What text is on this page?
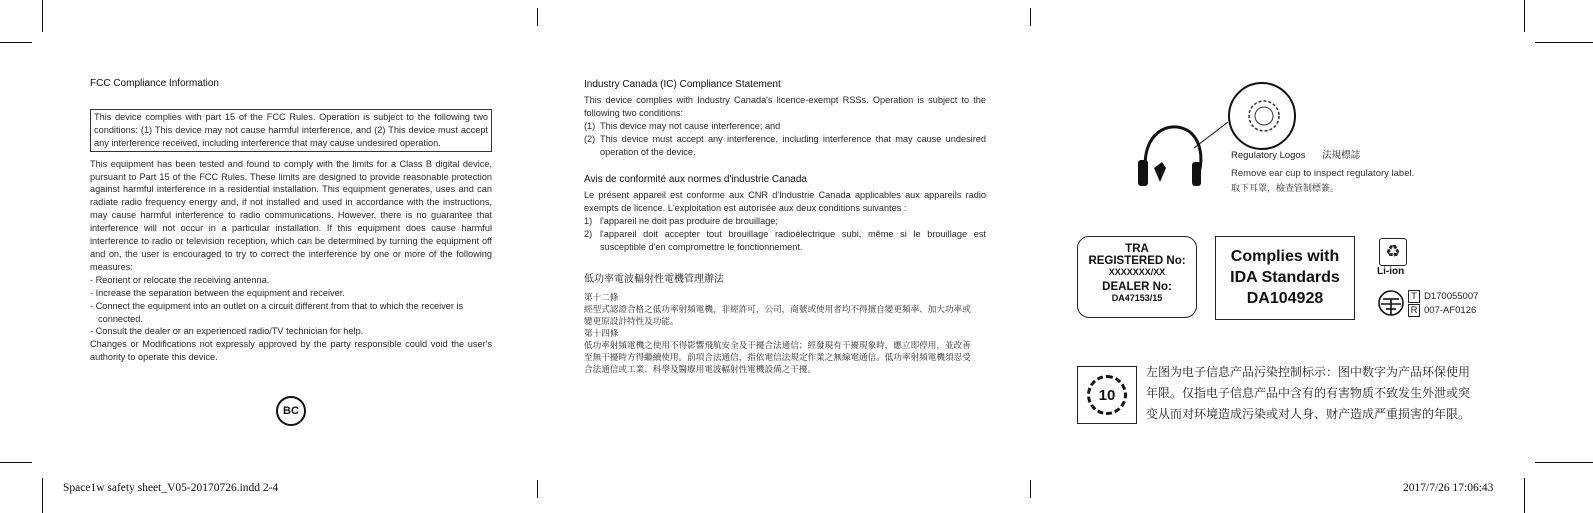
FCC Compliance Information
This device complies with part 15 of the FCC Rules. Operation is subject to the following two conditions: (1) This device may not cause harmful interference, and (2) This device must accept any interference received, including interference that may cause undesired operation.
This equipment has been tested and found to comply with the limits for a Class B digital device, pursuant to Part 15 of the FCC Rules. These limits are designed to provide reasonable protection against harmful interference in a residential installation. This equipment generates, uses and can radiate radio frequency energy and, if not installed and used in accordance with the instructions, may cause harmful interference to radio communications. However, there is no guarantee that interference will not occur in a particular installation. If this equipment does cause harmful interference to radio or television reception, which can be determined by turning the equipment off and on, the user is encouraged to try to correct the interference by one or more of the following measures:

- Reorient or relocate the receiving antenna.

- Increase the separation between the equipment and receiver.

- Connect the equipment into an outlet on a circuit different from that to which the receiver is connected.

- Consult the dealer or an experienced radio/TV technician for help.

Changes or Modifications not expressly approved by the party responsible could void the user's authority to operate this device.
BC
Industry Canada (IC) Compliance Statement
This device complies with Industry Canada's licence-exempt RSSs. Operation is subject to the following two conditions:
(1) This device may not cause interference; and
(2) This device must accept any interference, including interference that may cause undesired operation of the device.
Avis de conformité aux normes d'industrie Canada
Le présent appareil est conforme aux CNR d'Industrie Canada applicables aux appareils radio exempts de licence. L'exploitation est autorisée aux deux conditions suivantes :
1) l'appareil ne doit pas produire de brouillage;
2) l'appareil doit accepter tout brouillage radioélectrique subi, même si le brouillage est susceptible d'en compromettre le fonctionnement.
低功率電波輻射性電機管理辦法
第十二條
經型式認證合格之低功率射頻電機，非經許可，公司，商號或使用者均不得擅自變更頻率、加大功率或變更原設計特性及功能。
第十四條
低功率射頻電機之使用不得影響飛航安全及干擾合法通信；經發現有干擾現象時，應立即停用，並改善至無干擾時方得繼續使用。前項合法通信，指依電信法規定作業之無線電通信。低功率射頻電機須忍受合法通信或工業、科學及醫療用電波輻射性電機設備之干擾。
Regulatory Logos 法規標誌
Remove ear cup to inspect regulatory label.
取下耳罩，檢查管制標簽。
TRA
REGISTERED No:
XXXXXXX/XX
DEALER No:
DA47153/15
Complies with
IDA Standards
DA104928
♻
Li-ion
T D170055007
R 007-AF0126
10
左图为电子信息产品污染控制标示：图中数字为产品环保使用年限。仅指电子信息产品中含有的有害物质不致发生外泄或突变从而对环境造成污染或对人身、财产造成严重损害的年限。
Space1w safety sheet_V05-20170726.indd 2-4	2017/7/26 17:06:43
